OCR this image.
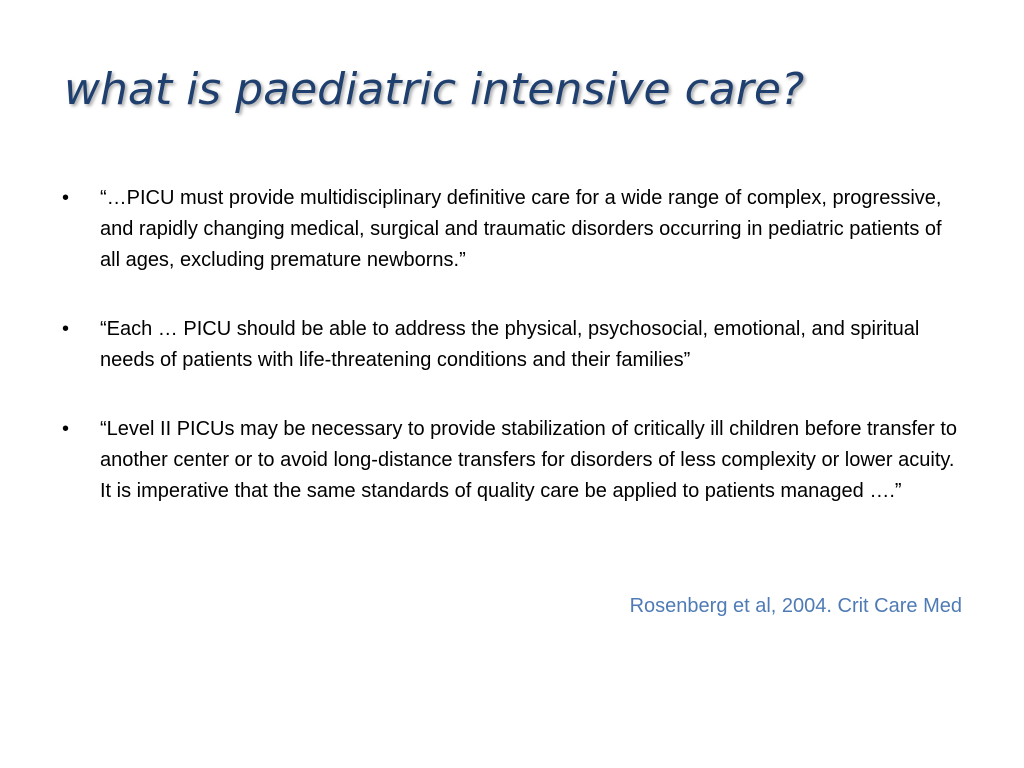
what is paediatric intensive care?
• “…PICU must provide multidisciplinary definitive care for a wide range of complex, progressive, and rapidly changing medical, surgical and traumatic disorders occurring in pediatric patients of all ages, excluding premature newborns.”
• “Each … PICU should be able to address the physical, psychosocial, emotional, and spiritual needs of patients with life-threatening conditions and their families”
• “Level II PICUs may be necessary to provide stabilization of critically ill children before transfer to another center or to avoid long-distance transfers for disorders of less complexity or lower acuity. It is imperative that the same standards of quality care be applied to patients managed ….”

Rosenberg et al, 2004. Crit Care Med
